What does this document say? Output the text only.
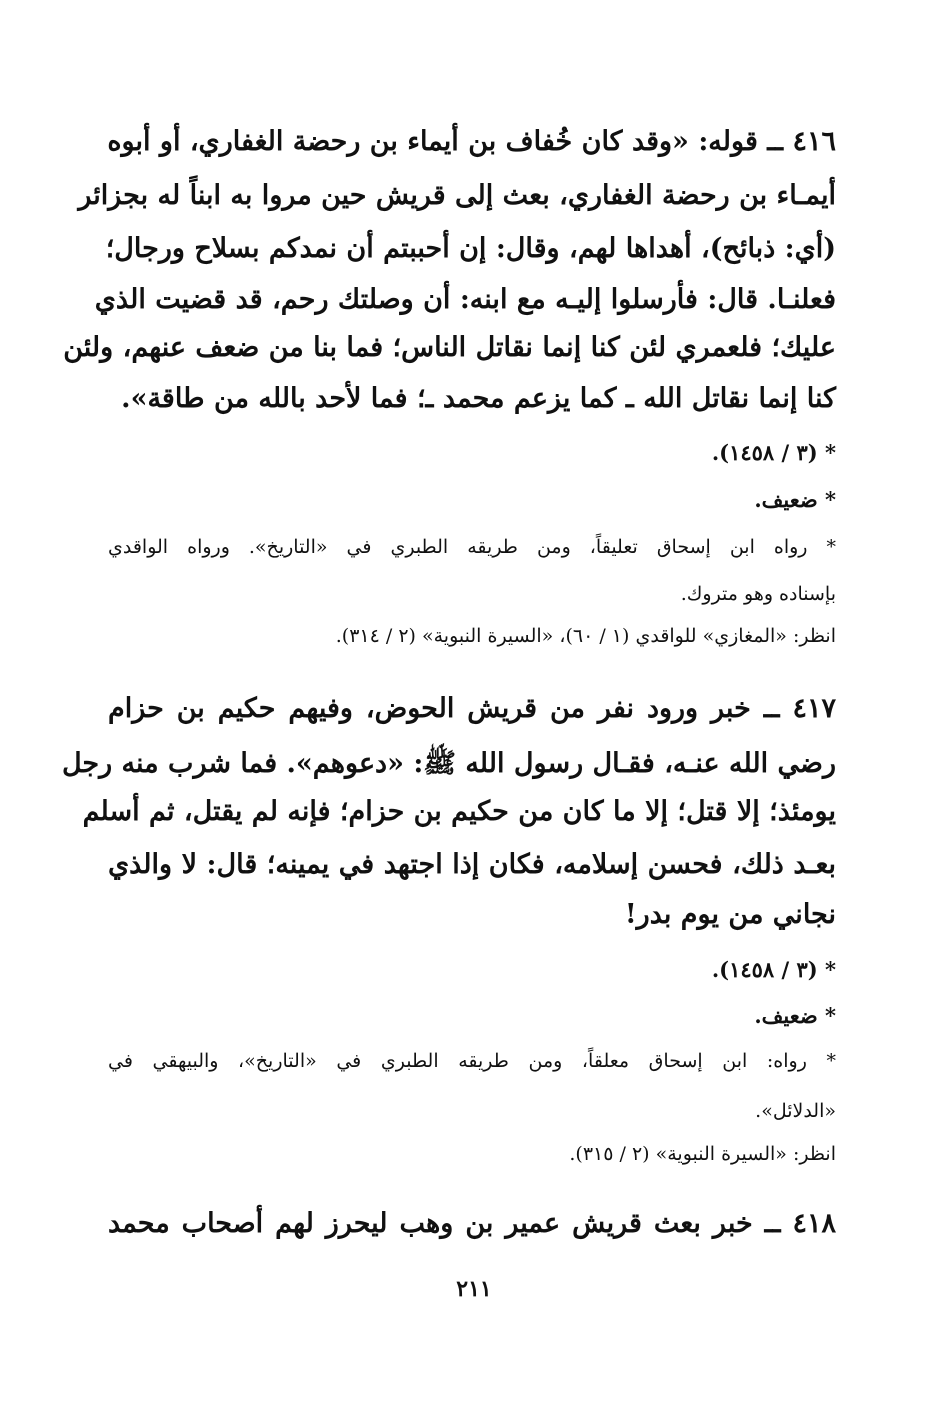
٤١٦ ــ قوله: «وقد كان خُفاف بن أيماء بن رحضة الغفاري، أو أبوه
أيمـاء بن رحضة الغفاري، بعث إلى قريش حين مروا به ابناً له بجزائر
(أي: ذبائح)، أهداها لهم، وقال: إن أحببتم أن نمدكم بسلاح ورجال؛
فعلنـا. قال: فأرسلوا إليـه مع ابنه: أن وصلتك رحم، قد قضيت الذي
عليك؛ فلعمري لئن كنا إنما نقاتل الناس؛ فما بنا من ضعف عنهم، ولئن
كنا إنما نقاتل الله ـ كما يزعم محمد ـ؛ فما لأحد بالله من طاقة».
* (٣ / ١٤٥٨).
* ضعيف.
* رواه ابن إسحاق تعليقاً، ومن طريقه الطبري في «التاريخ». ورواه الواقدي
بإسناده وهو متروك.
انظر: «المغازي» للواقدي (١ / ٦٠)، «السيرة النبوية» (٢ / ٣١٤).
٤١٧ ــ خبر ورود نفر من قريش الحوض، وفيهم حكيم بن حزام
رضي الله عنـه، فقـال رسول الله ﷺ: «دعوهم». فما شرب منه رجل
يومئذ؛ إلا قتل؛ إلا ما كان من حكيم بن حزام؛ فإنه لم يقتل، ثم أسلم
بعـد ذلك، فحسن إسلامه، فكان إذا اجتهد في يمينه؛ قال: لا والذي
نجاني من يوم بدر!
* (٣ / ١٤٥٨).
* ضعيف.
* رواه: ابن إسحاق معلقاً، ومن طريقه الطبري في «التاريخ»، والبيهقي في
«الدلائل».
انظر: «السيرة النبوية» (٢ / ٣١٥).
٤١٨ ــ خبر بعث قريش عمير بن وهب ليحرز لهم أصحاب محمد
٢١١
